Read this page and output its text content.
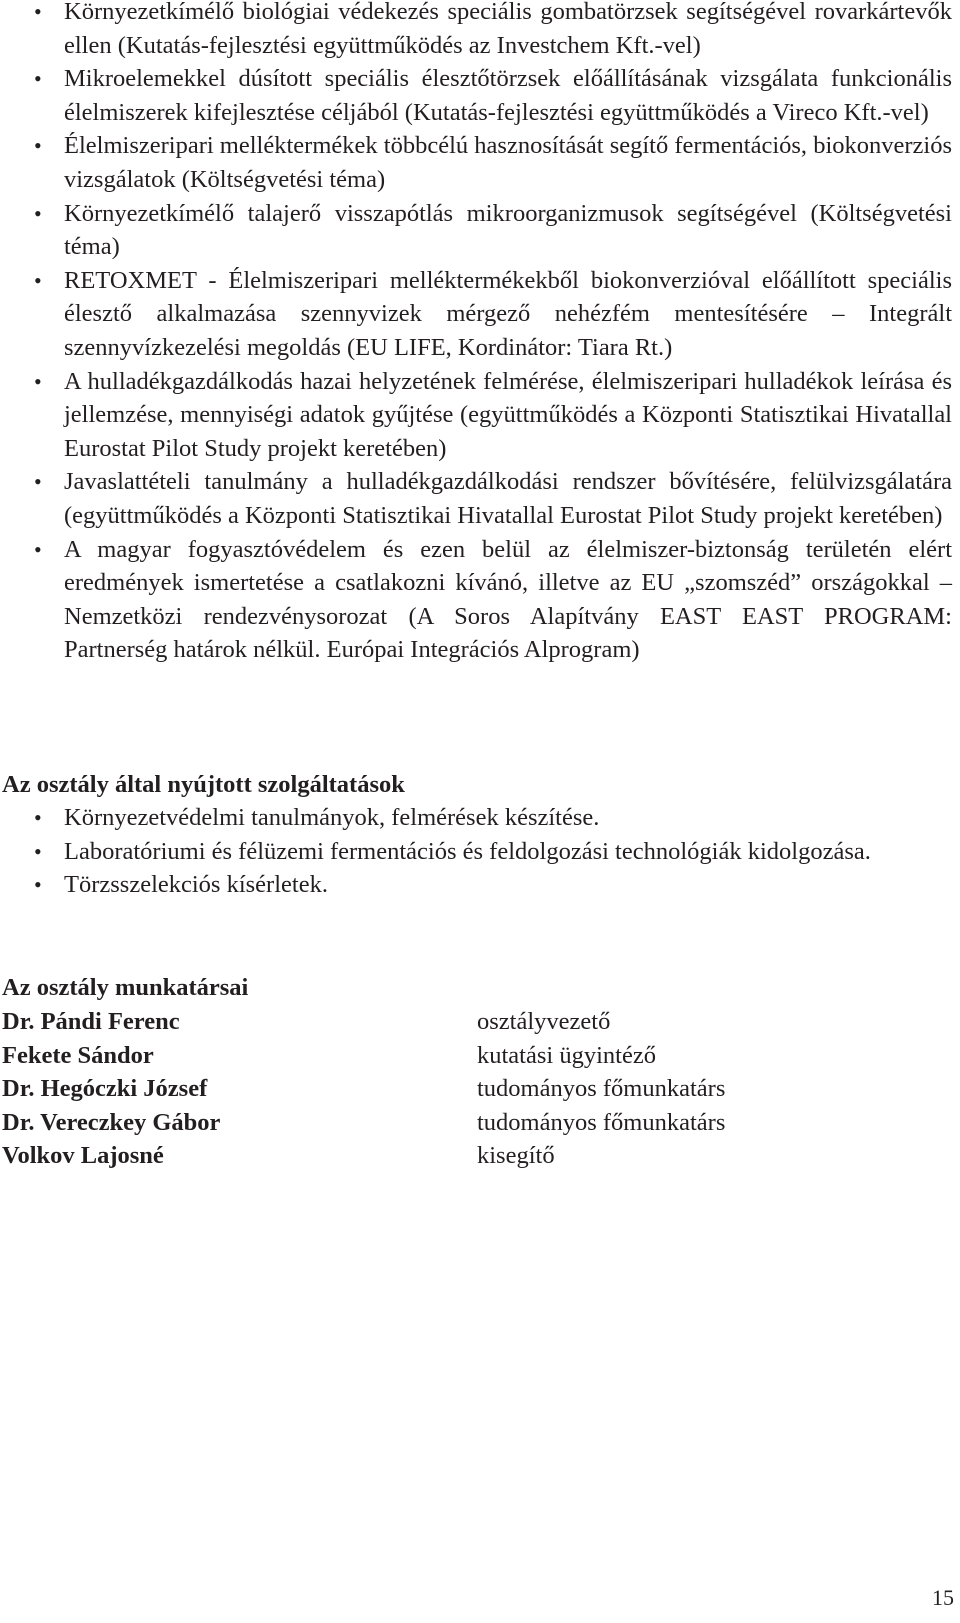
• Környezetkímélő biológiai védekezés speciális gombatörzsek segítségével rovarkártevők ellen (Kutatás-fejlesztési együttműködés az Investchem Kft.-vel)
• Mikroelemekkel dúsított speciális élesztőtörzsek előállításának vizsgálata funkcionális élelmiszerek kifejlesztése céljából (Kutatás-fejlesztési együttműködés a Vireco Kft.-vel)
• Élelmiszeripari melléktermékek többcélú hasznosítását segítő fermentációs, biokonverziós vizsgálatok (Költségvetési téma)
• Környezetkímélő talajerő visszapótlás mikroorganizmusok segítségével (Költségvetési téma)
• RETOXMET - Élelmiszeripari melléktermékekből biokonverzióval előállított speciális élesztő alkalmazása szennyvizek mérgező nehézfém mentesítésére – Integrált szennyvízkezelési megoldás (EU LIFE, Kordinátor: Tiara Rt.)
• A hulladékgazdálkodás hazai helyzetének felmérése, élelmiszeripari hulladékok leírása és jellemzése, mennyiségi adatok gyűjtése (együttműködés a Központi Statisztikai Hivatallal Eurostat Pilot Study projekt keretében)
• Javaslattételi tanulmány a hulladékgazdálkodási rendszer bővítésére, felülvizsgálatára (együttműködés a Központi Statisztikai Hivatallal Eurostat Pilot Study projekt keretében)
• A magyar fogyasztóvédelem és ezen belül az élelmiszer-biztonság területén elért eredmények ismertetése a csatlakozni kívánó, illetve az EU „szomszéd” országokkal – Nemzetközi rendezvénysorozat (A Soros Alapítvány EAST EAST PROGRAM: Partnerség határok nélkül. Európai Integrációs Alprogram)
Az osztály által nyújtott szolgáltatások
• Környezetvédelmi tanulmányok, felmérések készítése.
• Laboratóriumi és félüzemi fermentációs és feldolgozási technológiák kidolgozása.
• Törzsszelekciós kísérletek.
Az osztály munkatársai
Dr. Pándi Ferenc	osztályvezető
Fekete Sándor	kutatási ügyintéző
Dr. Hegóczki József	tudományos főmunkatárs
Dr. Vereczkey Gábor	tudományos főmunkatárs
Volkov Lajosné	kisegítő
15
